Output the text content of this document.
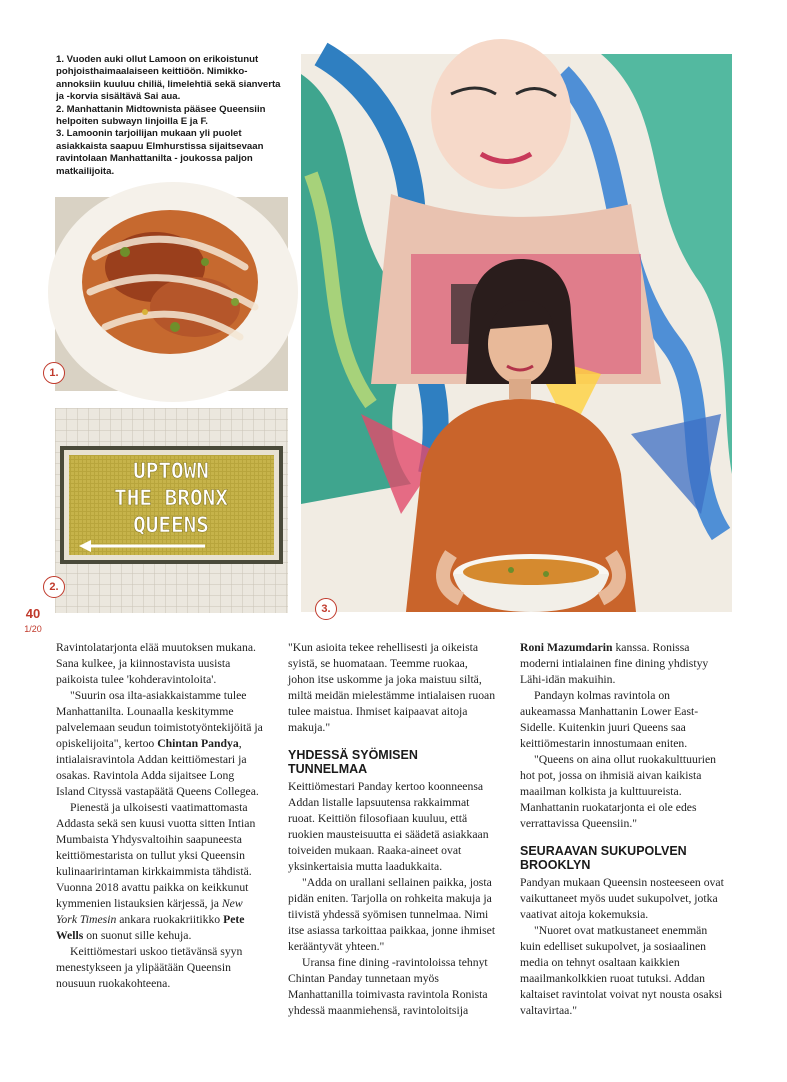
1. Vuoden auki ollut Lamoon on erikoistunut pohjoisthaimaalaiseen keittiöön. Nimikko-annoksiin kuuluu chiliä, limelehtiä sekä sianverta ja -korvia sisältävä Sai aua.

2. Manhattanin Midtownista pääsee Queensiin helpoiten subwayn linjoilla E ja F.

3. Lamoonin tarjoilijan mukaan yli puolet asiakkaista saapuu Elmhurstissa sijaitsevaan ravintolaan Manhattanilta - joukossa paljon matkailijoita.

1.
UPTOWN
THE BRONX
QUEENS
2.
3.
40
1/20

Ravintolatarjonta elää muutoksen mukana. Sana kulkee, ja kiinnostavista uusista paikoista tulee 'kohderavintoloita'.

"Suurin osa ilta-asiakkaistamme tulee Manhattanilta. Lounaalla keskitymme palvelemaan seudun toimistotyöntekijöitä ja opiskelijoita", kertoo Chintan Pandya, intialaisravintola Addan keittiömestari ja osakas. Ravintola Adda sijaitsee Long Island Cityssä vastapäätä Queens Collegea.

Pienestä ja ulkoisesti vaatimattomasta Addasta sekä sen kuusi vuotta sitten Intian Mumbaista Yhdysvaltoihin saapuneesta keittiömestarista on tullut yksi Queensin kulinaaririntaman kirkkaimmista tähdistä. Vuonna 2018 avattu paikka on keikkunut kymmenien listauksien kärjessä, ja New York Timesin ankara ruokakriitikko Pete Wells on suonut sille kehuja.

Keittiömestari uskoo tietävänsä syyn menestykseen ja ylipäätään Queensin nousuun ruokakohteena.

"Kun asioita tekee rehellisesti ja oikeista syistä, se huomataan. Teemme ruokaa, johon itse uskomme ja joka maistuu siltä, miltä meidän mielestämme intialaisen ruoan tulee maistua. Ihmiset kaipaavat aitoja makuja."

YHDESSÄ SYÖMISEN TUNNELMAA

Keittiömestari Panday kertoo koonneensa Addan listalle lapsuutensa rakkaimmat ruoat. Keittiön filosofiaan kuuluu, että ruokien mausteisuutta ei säädetä asiakkaan toiveiden mukaan. Raaka-aineet ovat yksinkertaisia mutta laadukkaita.

"Adda on urallani sellainen paikka, josta pidän eniten. Tarjolla on rohkeita makuja ja tiivistä yhdessä syömisen tunnelmaa. Nimi itse asiassa tarkoittaa paikkaa, jonne ihmiset kerääntyvät yhteen."

Uransa fine dining -ravintoloissa tehnyt Chintan Panday tunnetaan myös Manhattanilla toimivasta ravintola Ronista yhdessä maanmiehensä, ravintoloitsija

Roni Mazumdarin kanssa. Ronissa moderni intialainen fine dining yhdistyy Lähi-idän makuihin.

Pandayn kolmas ravintola on aukeamassa Manhattanin Lower East-Sidelle. Kuitenkin juuri Queens saa keittiömestarin innostumaan eniten.

"Queens on aina ollut ruokakulttuurien hot pot, jossa on ihmisiä aivan kaikista maailman kolkista ja kulttuureista. Manhattanin ruokatarjonta ei ole edes verrattavissa Queensiin."

SEURAAVAN SUKUPOLVEN BROOKLYN

Pandyan mukaan Queensin nosteeseen ovat vaikuttaneet myös uudet sukupolvet, jotka vaativat aitoja kokemuksia.

"Nuoret ovat matkustaneet enemmän kuin edelliset sukupolvet, ja sosiaalinen media on tehnyt osaltaan kaikkien maailmankolkkien ruoat tutuksi. Addan kaltaiset ravintolat voivat nyt nousta osaksi valtavirtaa."
